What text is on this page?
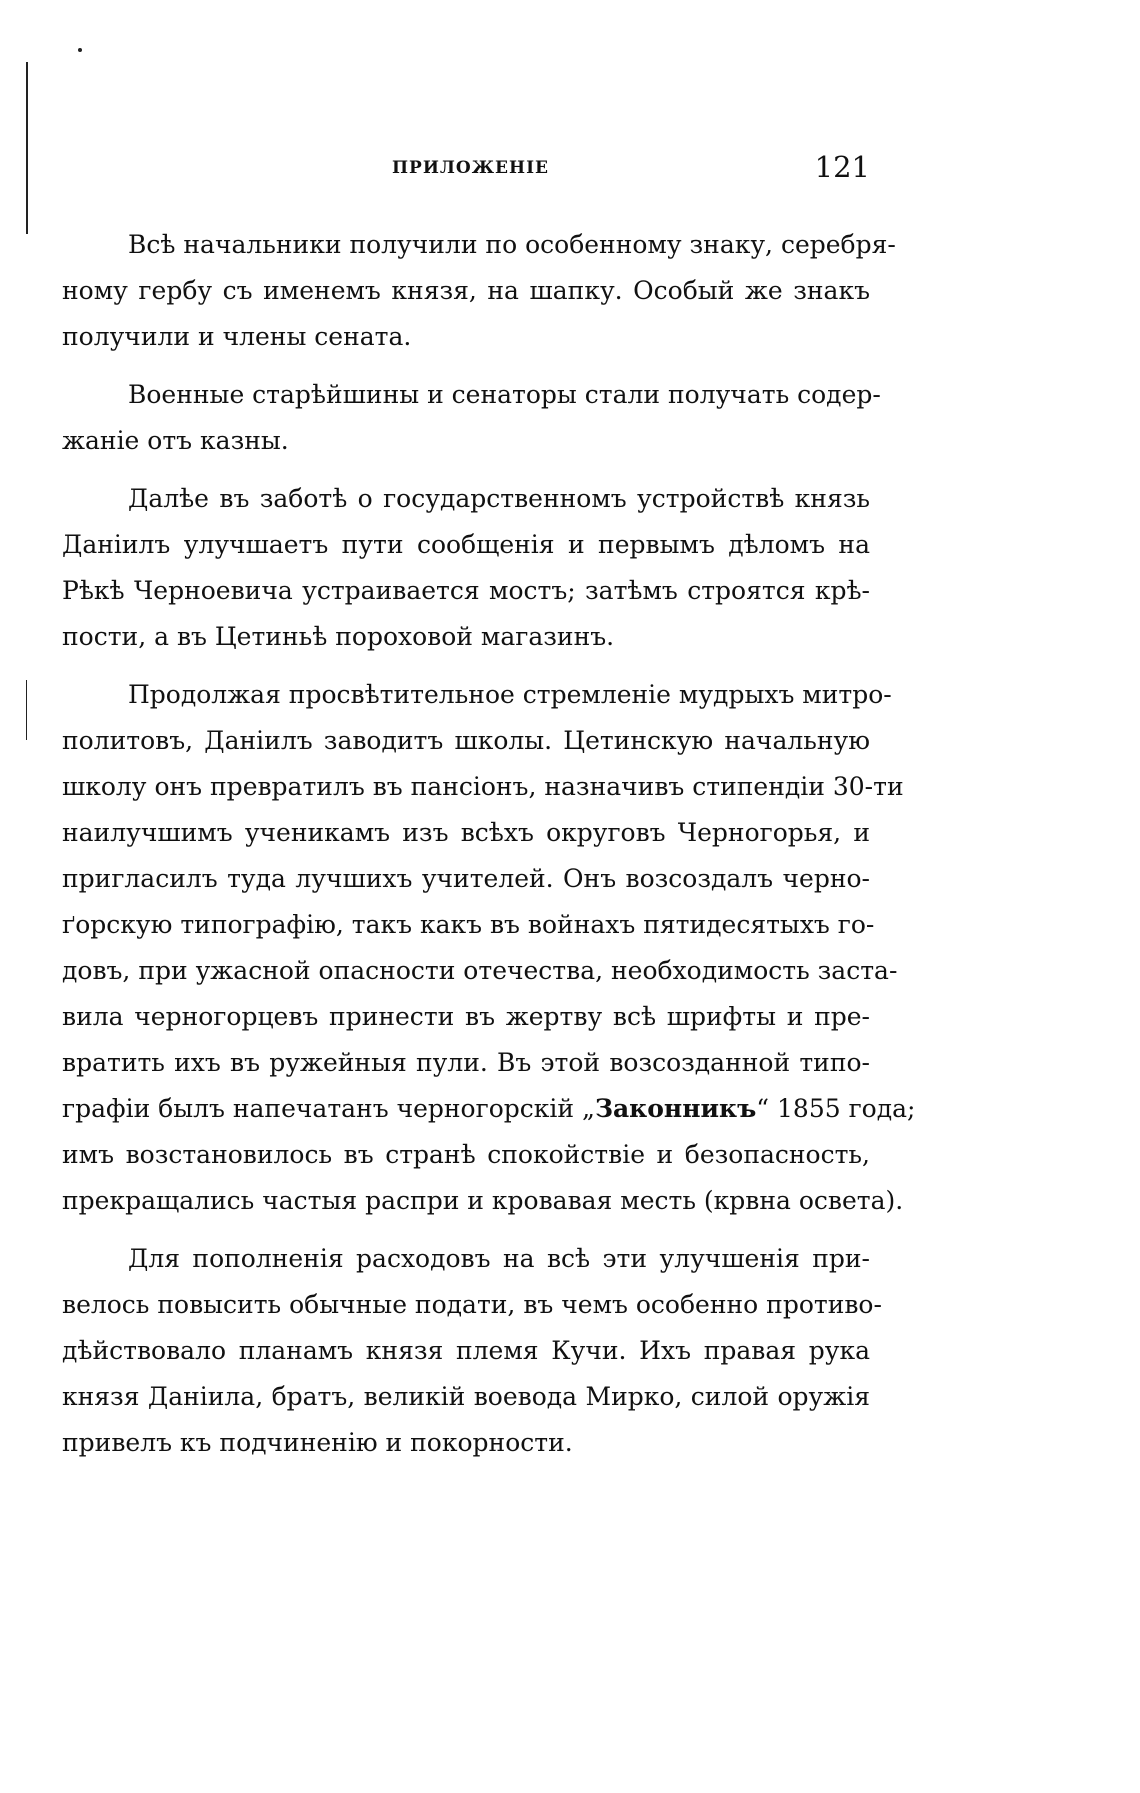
ПРИЛОЖЕНІЕ	121

Всѣ начальники получили по особенному знаку, серебря-
ному гербу съ именемъ князя, на шапку. Особый же знакъ
получили и члены сената.

Военные старѣйшины и сенаторы стали получать содер-
жаніе отъ казны.

Далѣе въ заботѣ о государственномъ устройствѣ князь
Даніилъ улучшаетъ пути сообщенія и первымъ дѣломъ на
Рѣкѣ Черноевича устраивается мостъ; затѣмъ строятся крѣ-
пости, а въ Цетиньѣ пороховой магазинъ.

Продолжая просвѣтительное стремленіе мудрыхъ митро-
политовъ, Даніилъ заводитъ школы. Цетинскую начальную
школу онъ превратилъ въ пансіонъ, назначивъ стипендіи 30-ти
наилучшимъ ученикамъ изъ всѣхъ округовъ Черногорья, и
пригласилъ туда лучшихъ учителей. Онъ возсоздалъ черно-
ґорскую типографію, такъ какъ въ войнахъ пятидесятыхъ го-
довъ, при ужасной опасности отечества, необходимость заста-
вила черногорцевъ принести въ жертву всѣ шрифты и пре-
вратить ихъ въ ружейныя пули. Въ этой возсозданной типо-
графіи былъ напечатанъ черногорскій „Законникъ“ 1855 года;
имъ возстановилось въ странѣ спокойствіе и безопасность,
прекращались частыя распри и кровавая месть (крвна освета).

Для пополненія расходовъ на всѣ эти улучшенія при-
велось повысить обычные подати, въ чемъ особенно противо-
дѣйствовало планамъ князя племя Кучи. Ихъ правая рука
князя Даніила, братъ, великій воевода Мирко, силой оружія
привелъ къ подчиненію и покорности.
